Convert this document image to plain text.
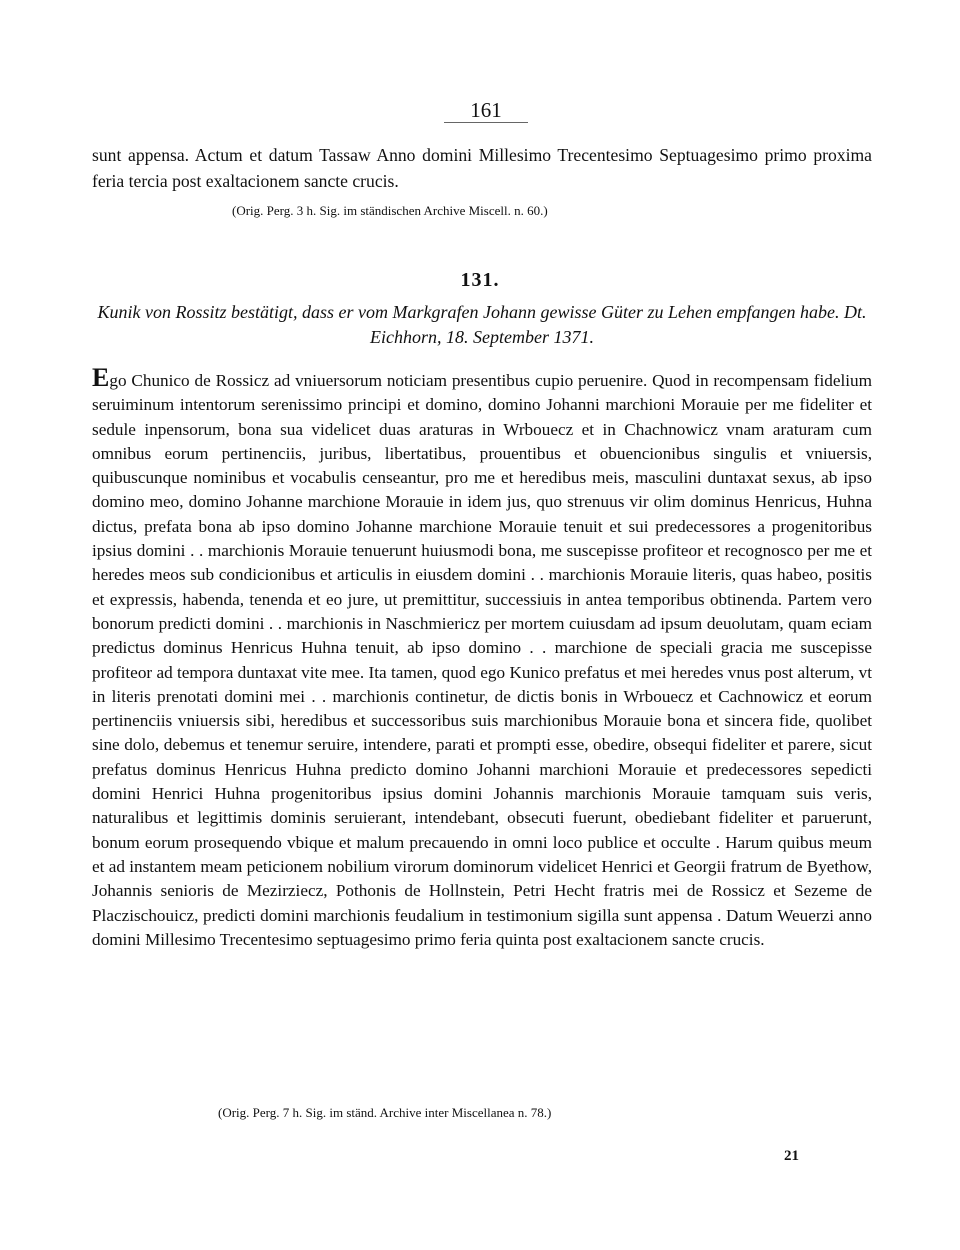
161
sunt appensa. Actum et datum Tassaw Anno domini Millesimo Trecentesimo Septuagesimo primo proxima feria tercia post exaltacionem sancte crucis.
(Orig. Perg. 3 h. Sig. im ständischen Archive Miscell. n. 60.)
131.
Kunik von Rossitz bestätigt, dass er vom Markgrafen Johann gewisse Güter zu Lehen empfangen habe. Dt. Eichhorn, 18. September 1371.
Ego Chunico de Rossicz ad vniuersorum noticiam presentibus cupio peruenire. Quod in recompensam fidelium seruiminum intentorum serenissimo principi et domino, domino Johanni marchioni Morauie per me fideliter et sedule inpensorum, bona sua videlicet duas araturas in Wrbouecz et in Chachnowicz vnam araturam cum omnibus eorum pertinenciis, juribus, libertatibus, prouentibus et obuencionibus singulis et vniuersis, quibuscunque nominibus et vocabulis censeantur, pro me et heredibus meis, masculini duntaxat sexus, ab ipso domino meo, domino Johanne marchione Morauie in idem jus, quo strenuus vir olim dominus Henricus, Huhna dictus, prefata bona ab ipso domino Johanne marchione Morauie tenuit et sui predecessores a progenitoribus ipsius domini . . marchionis Morauie tenuerunt huiusmodi bona, me suscepisse profiteor et recognosco per me et heredes meos sub condicionibus et articulis in eiusdem domini . . marchionis Morauie literis, quas habeo, positis et expressis, habenda, tenenda et eo jure, ut premittitur, successiuis in antea temporibus obtinenda. Partem vero bonorum predicti domini . . marchionis in Naschmiericz per mortem cuiusdam ad ipsum deuolutam, quam eciam predictus dominus Henricus Huhna tenuit, ab ipso domino . . marchione de speciali gracia me suscepisse profiteor ad tempora duntaxat vite mee. Ita tamen, quod ego Kunico prefatus et mei heredes vnus post alterum, vt in literis prenotati domini mei . . marchionis continetur, de dictis bonis in Wrbouecz et Cachnowicz et eorum pertinenciis vniuersis sibi, heredibus et successoribus suis marchionibus Morauie bona et sincera fide, quolibet sine dolo, debemus et tenemur seruire, intendere, parati et prompti esse, obedire, obsequi fideliter et parere, sicut prefatus dominus Henricus Huhna predicto domino Johanni marchioni Morauie et predecessores sepedicti domini Henrici Huhna progenitoribus ipsius domini Johannis marchionis Morauie tamquam suis veris, naturalibus et legittimis dominis seruierant, intendebant, obsecuti fuerunt, obediebant fideliter et paruerunt, bonum eorum prosequendo vbique et malum precauendo in omni loco publice et occulte . Harum quibus meum et ad instantem meam peticionem nobilium virorum dominorum videlicet Henrici et Georgii fratrum de Byethow, Johannis senioris de Mezirziecz, Pothonis de Hollnstein, Petri Hecht fratris mei de Rossicz et Sezeme de Placzischouicz, predicti domini marchionis feudalium in testimonium sigilla sunt appensa . Datum Weuerzi anno domini Millesimo Trecentesimo septuagesimo primo feria quinta post exaltacionem sancte crucis.
(Orig. Perg. 7 h. Sig. im ständ. Archive inter Miscellanea n. 78.)
21
